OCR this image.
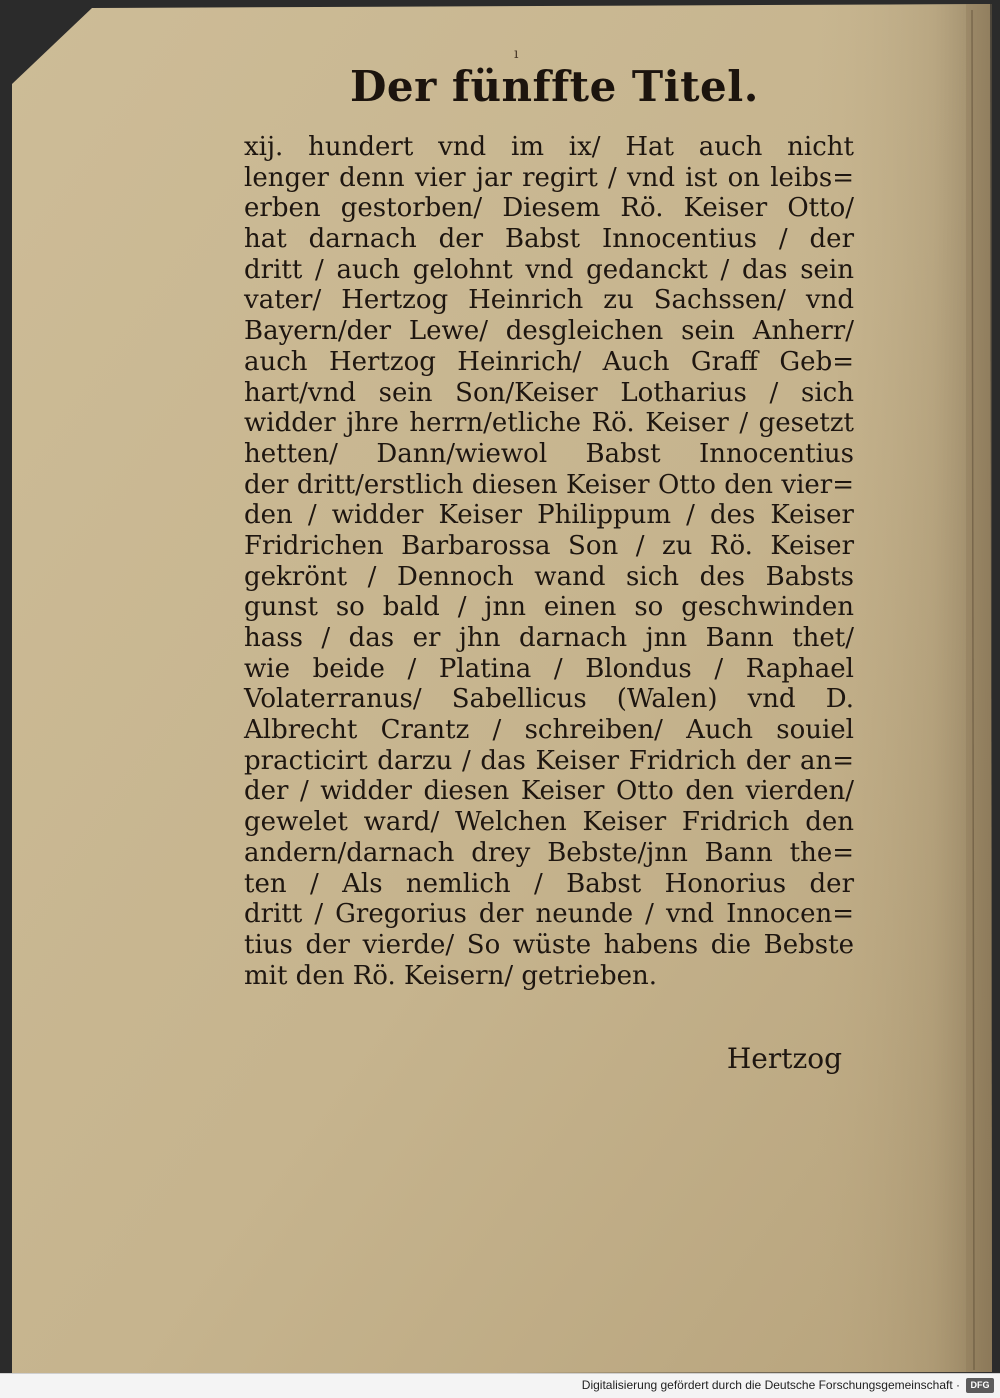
ı
Der fünffte Titel.
xij. hundert vnd im ix/ Hat auch nicht
lenger denn vier jar regirt / vnd ist on leibs=
erben gestorben/ Diesem Rö. Keiser Otto/
hat darnach der Babst Innocentius / der
dritt / auch gelohnt vnd gedanckt / das sein
vater/ Hertzog Heinrich zu Sachssen/ vnd
Bayern/der Lewe/ desgleichen sein Anherr/
auch Hertzog Heinrich/ Auch Graff Geb=
hart/vnd sein Son/Keiser Lotharius / sich
widder jhre herrn/etliche Rö. Keiser / gesetzt
hetten/ Dann/wiewol Babst Innocentius
der dritt/erstlich diesen Keiser Otto den vier=
den / widder Keiser Philippum / des Keiser
Fridrichen Barbarossa Son / zu Rö. Keiser
gekrönt / Dennoch wand sich des Babsts
gunst so bald / jnn einen so geschwinden
hass / das er jhn darnach jnn Bann thet/
wie beide / Platina / Blondus / Raphael
Volaterranus/ Sabellicus (Walen) vnd D.
Albrecht Crantz / schreiben/ Auch souiel
practicirt darzu / das Keiser Fridrich der an=
der / widder diesen Keiser Otto den vierden/
gewelet ward/ Welchen Keiser Fridrich den
andern/darnach drey Bebste/jnn Bann the=
ten / Als nemlich / Babst Honorius der
dritt / Gregorius der neunde / vnd Innocen=
tius der vierde/ So wüste habens die Bebste
mit den Rö. Keisern/ getrieben.
Hertzog
Digitalisierung gefördert durch die Deutsche Forschungsgemeinschaft ·	DFG
